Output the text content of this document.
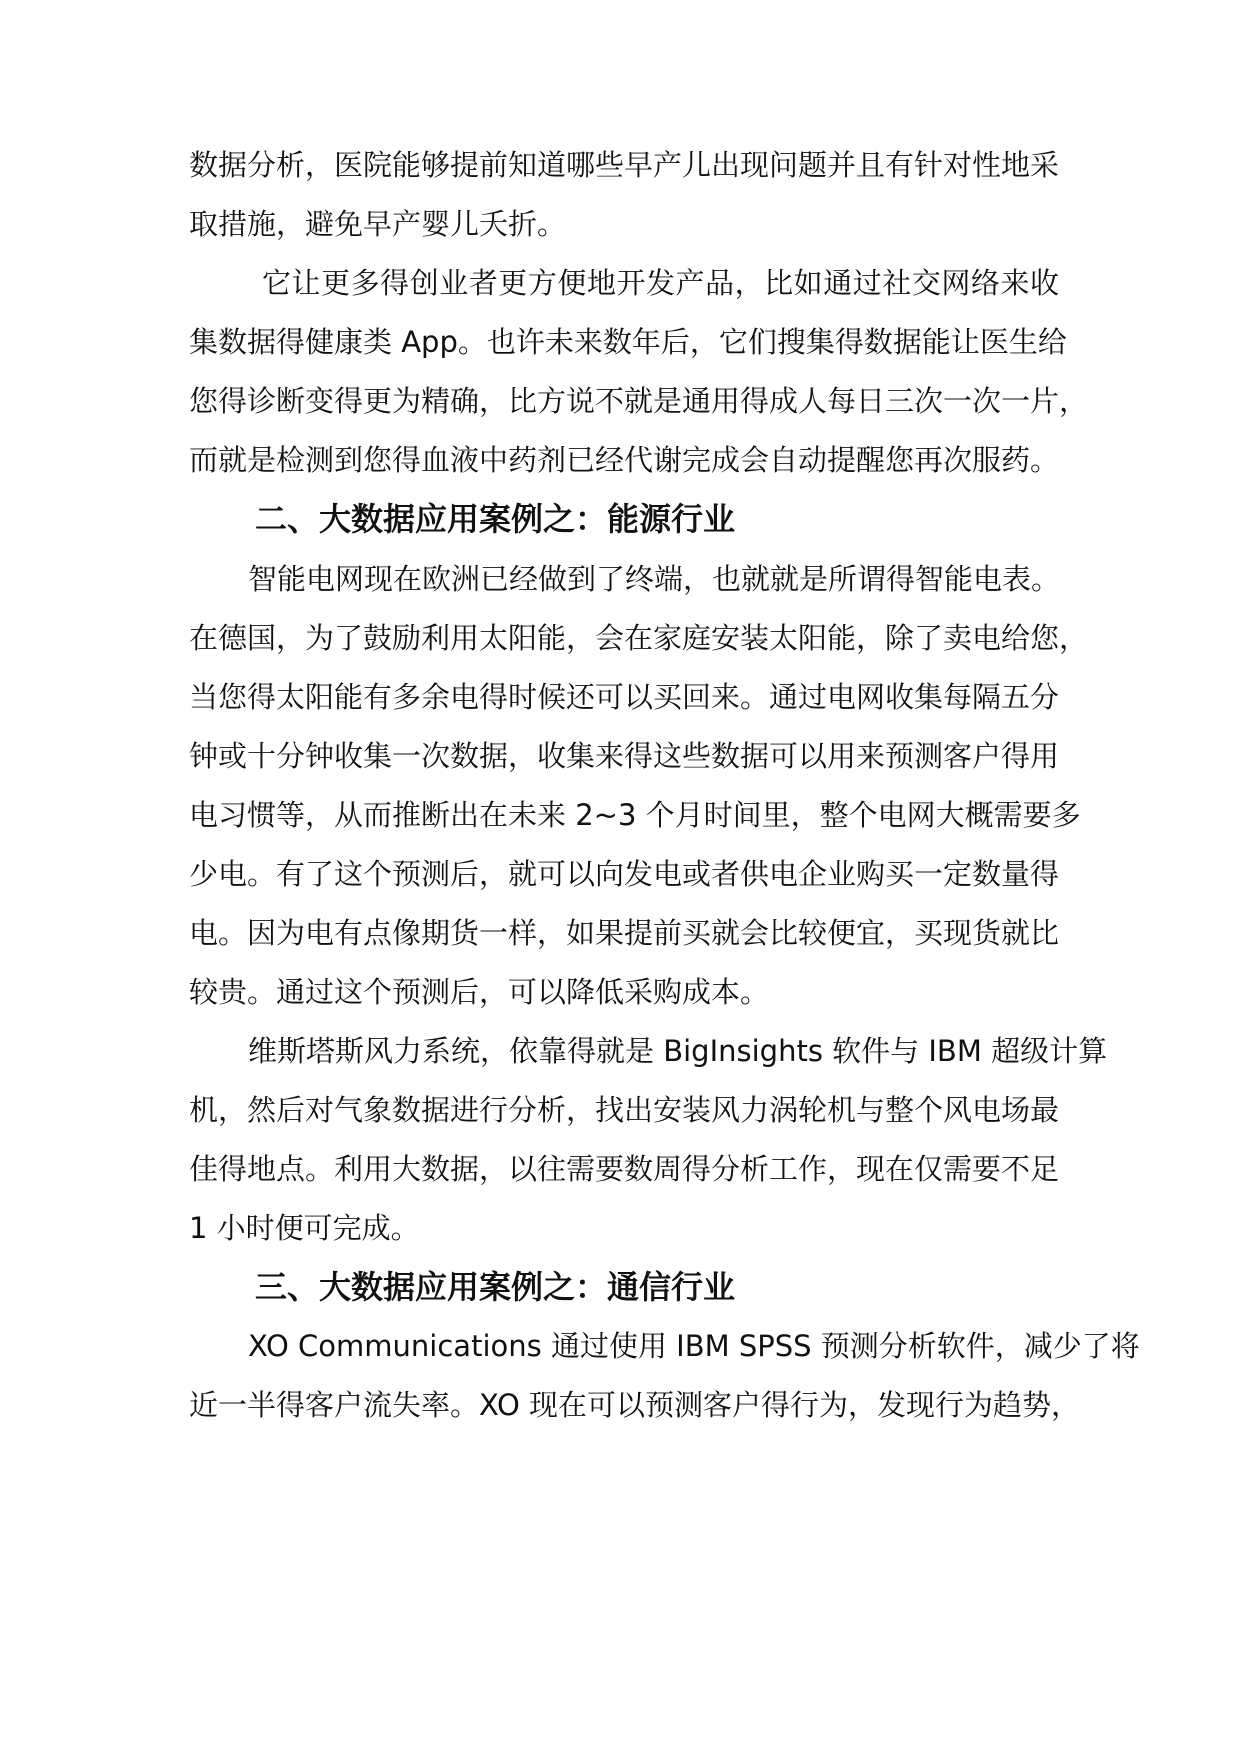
数据分析，医院能够提前知道哪些早产儿出现问题并且有针对性地采
取措施，避免早产婴儿夭折。
它让更多得创业者更方便地开发产品，比如通过社交网络来收
集数据得健康类 App。也许未来数年后，它们搜集得数据能让医生给
您得诊断变得更为精确，比方说不就是通用得成人每日三次一次一片，
而就是检测到您得血液中药剂已经代谢完成会自动提醒您再次服药。
二、大数据应用案例之：能源行业
智能电网现在欧洲已经做到了终端，也就就是所谓得智能电表。
在德国，为了鼓励利用太阳能，会在家庭安装太阳能，除了卖电给您，
当您得太阳能有多余电得时候还可以买回来。通过电网收集每隔五分
钟或十分钟收集一次数据，收集来得这些数据可以用来预测客户得用
电习惯等，从而推断出在未来 2~3 个月时间里，整个电网大概需要多
少电。有了这个预测后，就可以向发电或者供电企业购买一定数量得
电。因为电有点像期货一样，如果提前买就会比较便宜，买现货就比
较贵。通过这个预测后，可以降低采购成本。
维斯塔斯风力系统，依靠得就是 BigInsights 软件与 IBM 超级计算
机，然后对气象数据进行分析，找出安装风力涡轮机与整个风电场最
佳得地点。利用大数据，以往需要数周得分析工作，现在仅需要不足
1 小时便可完成。
三、大数据应用案例之：通信行业
XO Communications 通过使用 IBM SPSS 预测分析软件，减少了将
近一半得客户流失率。XO 现在可以预测客户得行为，发现行为趋势，
